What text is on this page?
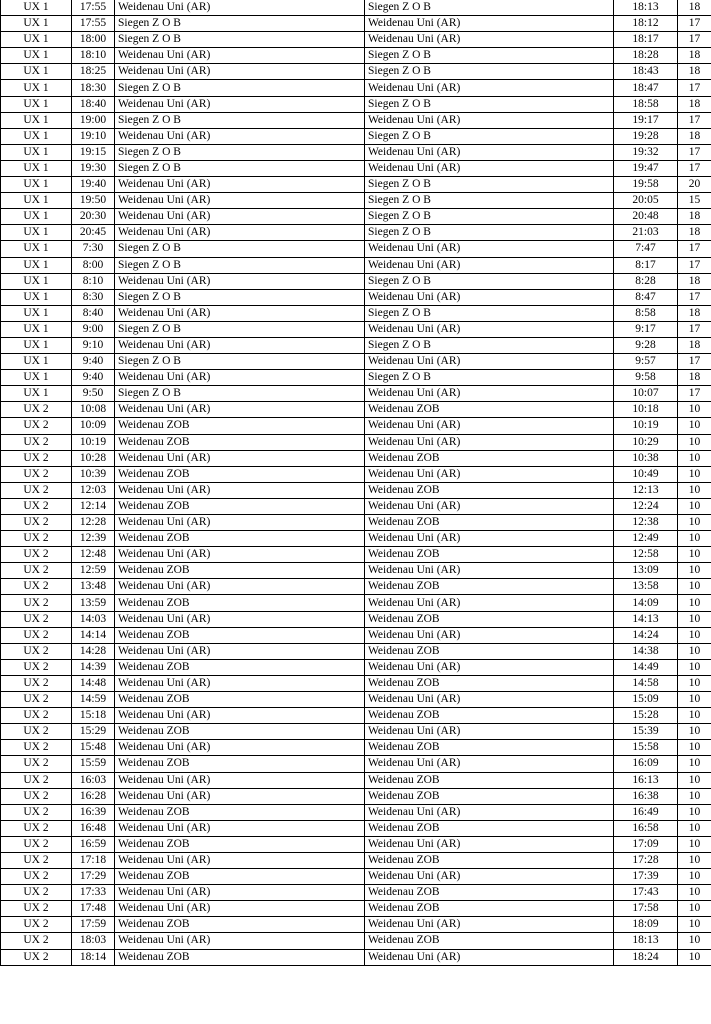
UX 1	17:55	Weidenau Uni (AR)	Siegen Z O B	18:13	18
UX 1	17:55	Siegen Z O B	Weidenau Uni (AR)	18:12	17
UX 1	18:00	Siegen Z O B	Weidenau Uni (AR)	18:17	17
UX 1	18:10	Weidenau Uni (AR)	Siegen Z O B	18:28	18
UX 1	18:25	Weidenau Uni (AR)	Siegen Z O B	18:43	18
UX 1	18:30	Siegen Z O B	Weidenau Uni (AR)	18:47	17
UX 1	18:40	Weidenau Uni (AR)	Siegen Z O B	18:58	18
UX 1	19:00	Siegen Z O B	Weidenau Uni (AR)	19:17	17
UX 1	19:10	Weidenau Uni (AR)	Siegen Z O B	19:28	18
UX 1	19:15	Siegen Z O B	Weidenau Uni (AR)	19:32	17
UX 1	19:30	Siegen Z O B	Weidenau Uni (AR)	19:47	17
UX 1	19:40	Weidenau Uni (AR)	Siegen Z O B	19:58	20
UX 1	19:50	Weidenau Uni (AR)	Siegen Z O B	20:05	15
UX 1	20:30	Weidenau Uni (AR)	Siegen Z O B	20:48	18
UX 1	20:45	Weidenau Uni (AR)	Siegen Z O B	21:03	18
UX 1	7:30	Siegen Z O B	Weidenau Uni (AR)	7:47	17
UX 1	8:00	Siegen Z O B	Weidenau Uni (AR)	8:17	17
UX 1	8:10	Weidenau Uni (AR)	Siegen Z O B	8:28	18
UX 1	8:30	Siegen Z O B	Weidenau Uni (AR)	8:47	17
UX 1	8:40	Weidenau Uni (AR)	Siegen Z O B	8:58	18
UX 1	9:00	Siegen Z O B	Weidenau Uni (AR)	9:17	17
UX 1	9:10	Weidenau Uni (AR)	Siegen Z O B	9:28	18
UX 1	9:40	Siegen Z O B	Weidenau Uni (AR)	9:57	17
UX 1	9:40	Weidenau Uni (AR)	Siegen Z O B	9:58	18
UX 1	9:50	Siegen Z O B	Weidenau Uni (AR)	10:07	17
UX 2	10:08	Weidenau Uni (AR)	Weidenau ZOB	10:18	10
UX 2	10:09	Weidenau ZOB	Weidenau Uni (AR)	10:19	10
UX 2	10:19	Weidenau ZOB	Weidenau Uni (AR)	10:29	10
UX 2	10:28	Weidenau Uni (AR)	Weidenau ZOB	10:38	10
UX 2	10:39	Weidenau ZOB	Weidenau Uni (AR)	10:49	10
UX 2	12:03	Weidenau Uni (AR)	Weidenau ZOB	12:13	10
UX 2	12:14	Weidenau ZOB	Weidenau Uni (AR)	12:24	10
UX 2	12:28	Weidenau Uni (AR)	Weidenau ZOB	12:38	10
UX 2	12:39	Weidenau ZOB	Weidenau Uni (AR)	12:49	10
UX 2	12:48	Weidenau Uni (AR)	Weidenau ZOB	12:58	10
UX 2	12:59	Weidenau ZOB	Weidenau Uni (AR)	13:09	10
UX 2	13:48	Weidenau Uni (AR)	Weidenau ZOB	13:58	10
UX 2	13:59	Weidenau ZOB	Weidenau Uni (AR)	14:09	10
UX 2	14:03	Weidenau Uni (AR)	Weidenau ZOB	14:13	10
UX 2	14:14	Weidenau ZOB	Weidenau Uni (AR)	14:24	10
UX 2	14:28	Weidenau Uni (AR)	Weidenau ZOB	14:38	10
UX 2	14:39	Weidenau ZOB	Weidenau Uni (AR)	14:49	10
UX 2	14:48	Weidenau Uni (AR)	Weidenau ZOB	14:58	10
UX 2	14:59	Weidenau ZOB	Weidenau Uni (AR)	15:09	10
UX 2	15:18	Weidenau Uni (AR)	Weidenau ZOB	15:28	10
UX 2	15:29	Weidenau ZOB	Weidenau Uni (AR)	15:39	10
UX 2	15:48	Weidenau Uni (AR)	Weidenau ZOB	15:58	10
UX 2	15:59	Weidenau ZOB	Weidenau Uni (AR)	16:09	10
UX 2	16:03	Weidenau Uni (AR)	Weidenau ZOB	16:13	10
UX 2	16:28	Weidenau Uni (AR)	Weidenau ZOB	16:38	10
UX 2	16:39	Weidenau ZOB	Weidenau Uni (AR)	16:49	10
UX 2	16:48	Weidenau Uni (AR)	Weidenau ZOB	16:58	10
UX 2	16:59	Weidenau ZOB	Weidenau Uni (AR)	17:09	10
UX 2	17:18	Weidenau Uni (AR)	Weidenau ZOB	17:28	10
UX 2	17:29	Weidenau ZOB	Weidenau Uni (AR)	17:39	10
UX 2	17:33	Weidenau Uni (AR)	Weidenau ZOB	17:43	10
UX 2	17:48	Weidenau Uni (AR)	Weidenau ZOB	17:58	10
UX 2	17:59	Weidenau ZOB	Weidenau Uni (AR)	18:09	10
UX 2	18:03	Weidenau Uni (AR)	Weidenau ZOB	18:13	10
UX 2	18:14	Weidenau ZOB	Weidenau Uni (AR)	18:24	10
